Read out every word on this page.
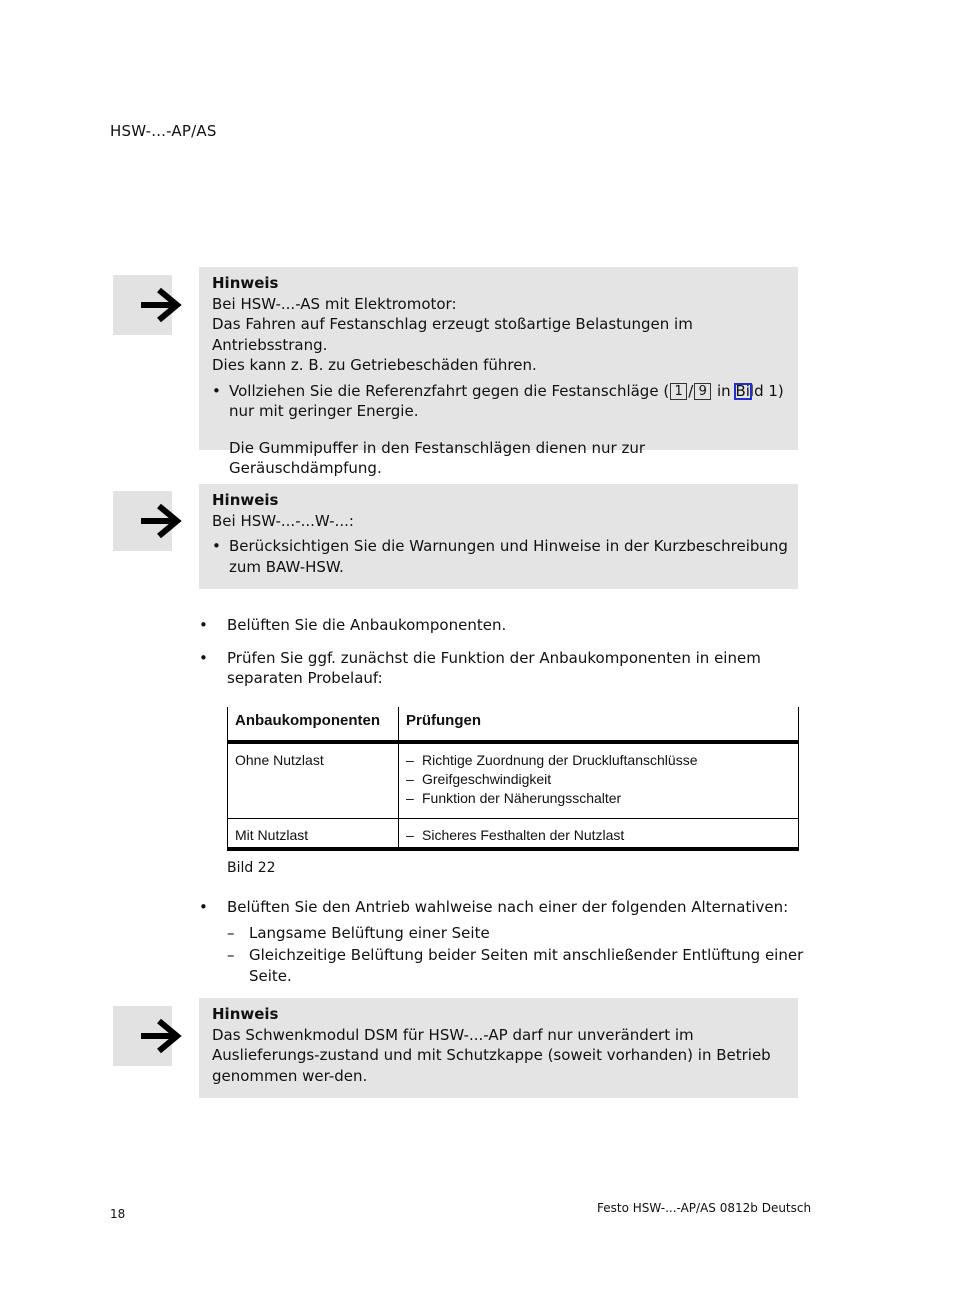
HSW-...-AP/AS
Hinweis
Bei HSW-...-AS mit Elektromotor:
Das Fahren auf Festanschlag erzeugt stoßartige Belastungen im Antriebsstrang.
Dies kann z. B. zu Getriebeschäden führen.
• Vollziehen Sie die Referenzfahrt gegen die Festanschläge ( 1 / 9 in Bild 1)
nur mit geringer Energie.
Die Gummipuffer in den Festanschlägen dienen nur zur Geräuschdämpfung.
Hinweis
Bei HSW-...-...W-...:
• Berücksichtigen Sie die Warnungen und Hinweise in der Kurzbeschreibung zum BAW-HSW.
• Belüften Sie die Anbaukomponenten.
• Prüfen Sie ggf. zunächst die Funktion der Anbaukomponenten in einem separaten Probelauf:
Anbaukomponenten	Prüfungen
Ohne Nutzlast	– Richtige Zuordnung der Druckluftanschlüsse
– Greifgeschwindigkeit
– Funktion der Näherungsschalter

Mit Nutzlast	– Sicheres Festhalten der Nutzlast
Bild 22
• Belüften Sie den Antrieb wahlweise nach einer der folgenden Alternativen:
– Langsame Belüftung einer Seite
– Gleichzeitige Belüftung beider Seiten mit anschließender Entlüftung einer Seite.
Hinweis
Das Schwenkmodul DSM für HSW-...-AP darf nur unverändert im Auslieferungs-zustand und mit Schutzkappe (soweit vorhanden) in Betrieb genommen wer-den.
18	Festo HSW-...-AP/AS 0812b Deutsch
